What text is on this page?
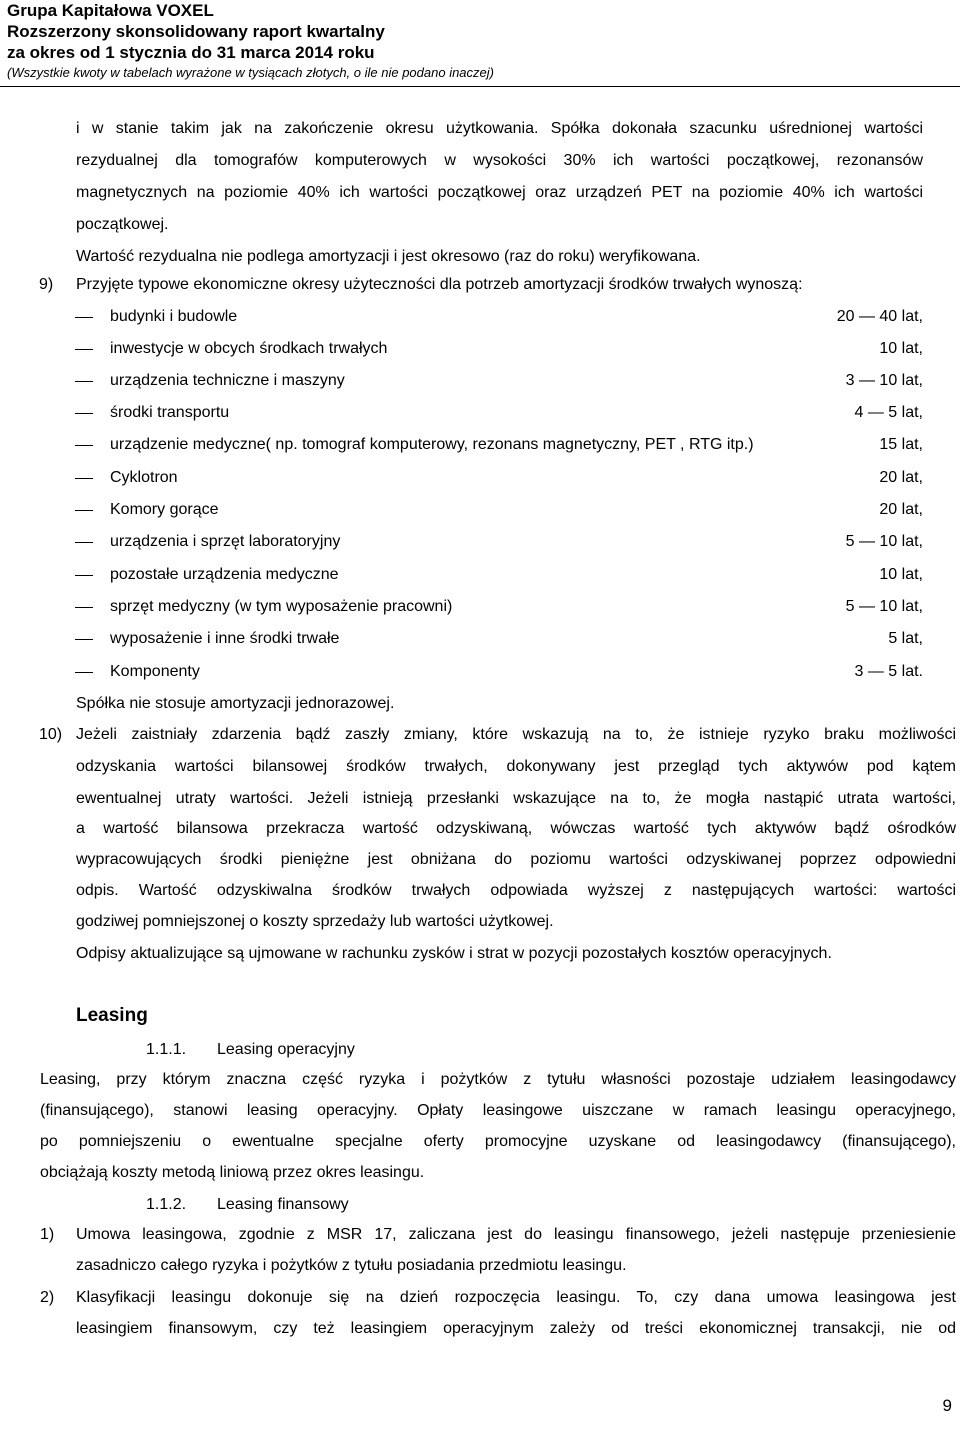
Grupa Kapitałowa VOXEL
Rozszerzony skonsolidowany raport kwartalny
za okres od 1 stycznia do 31 marca 2014 roku
(Wszystkie kwoty w tabelach wyrażone w tysiącach złotych, o ile nie podano inaczej)
i w stanie takim jak na zakończenie okresu użytkowania. Spółka dokonała szacunku uśrednionej wartości
rezydualnej dla tomografów komputerowych w wysokości 30% ich wartości początkowej, rezonansów
magnetycznych na poziomie 40% ich wartości początkowej oraz urządzeń PET na poziomie 40% ich wartości
początkowej.
Wartość rezydualna nie podlega amortyzacji i jest okresowo (raz do roku) weryfikowana.
9) Przyjęte typowe ekonomiczne okresy użyteczności dla potrzeb amortyzacji środków trwałych wynoszą:
budynki i budowle	20 — 40 lat,
inwestycje w obcych środkach trwałych	10 lat,
urządzenia techniczne i maszyny	3 — 10 lat,
środki transportu	4 — 5 lat,
urządzenie medyczne( np. tomograf komputerowy, rezonans magnetyczny, PET , RTG itp.)	15 lat,
Cyklotron	20 lat,
Komory gorące	20 lat,
urządzenia i sprzęt laboratoryjny	5 — 10 lat,
pozostałe urządzenia medyczne	10 lat,
sprzęt medyczny (w tym wyposażenie pracowni)	5 — 10 lat,
wyposażenie i inne środki trwałe	5 lat,
Komponenty	3 — 5 lat.
Spółka nie stosuje amortyzacji jednorazowej.
10) Jeżeli zaistniały zdarzenia bądź zaszły zmiany, które wskazują na to, że istnieje ryzyko braku możliwości
odzyskania wartości bilansowej środków trwałych, dokonywany jest przegląd tych aktywów pod kątem
ewentualnej utraty wartości. Jeżeli istnieją przesłanki wskazujące na to, że mogła nastąpić utrata wartości,
a wartość bilansowa przekracza wartość odzyskiwaną, wówczas wartość tych aktywów bądź ośrodków
wypracowujących środki pieniężne jest obniżana do poziomu wartości odzyskiwanej poprzez odpowiedni
odpis. Wartość odzyskiwalna środków trwałych odpowiada wyższej z następujących wartości: wartości
godziwej pomniejszonej o koszty sprzedaży lub wartości użytkowej.
Odpisy aktualizujące są ujmowane w rachunku zysków i strat w pozycji pozostałych kosztów operacyjnych.
Leasing
1.1.1. Leasing operacyjny
Leasing, przy którym znaczna część ryzyka i pożytków z tytułu własności pozostaje udziałem leasingodawcy
(finansującego), stanowi leasing operacyjny. Opłaty leasingowe uiszczane w ramach leasingu operacyjnego,
po pomniejszeniu o ewentualne specjalne oferty promocyjne uzyskane od leasingodawcy (finansującego),
obciążają koszty metodą liniową przez okres leasingu.
1.1.2. Leasing finansowy
1) Umowa leasingowa, zgodnie z MSR 17, zaliczana jest do leasingu finansowego, jeżeli następuje przeniesienie
zasadniczo całego ryzyka i pożytków z tytułu posiadania przedmiotu leasingu.
2) Klasyfikacji leasingu dokonuje się na dzień rozpoczęcia leasingu. To, czy dana umowa leasingowa jest
leasingiem finansowym, czy też leasingiem operacyjnym zależy od treści ekonomicznej transakcji, nie od
9
